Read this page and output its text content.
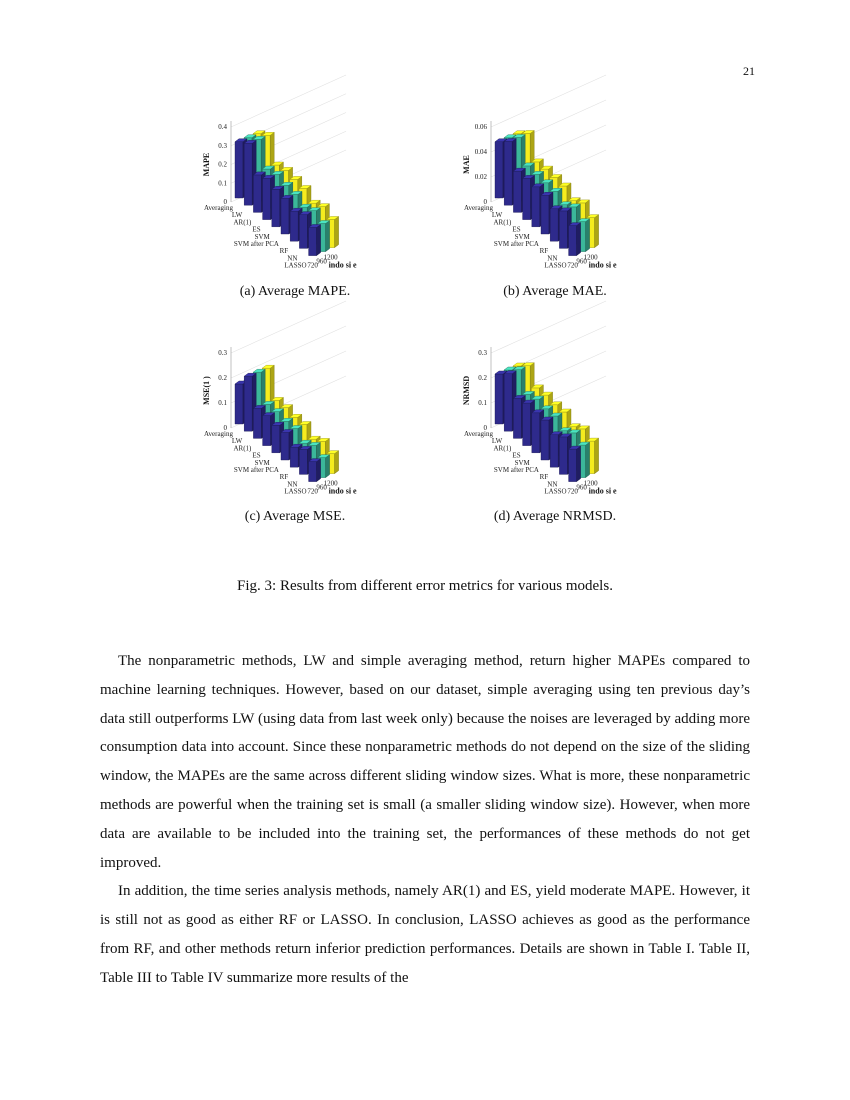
21
0
0.1
0.2
0.3
0.4
MAPE
Averaging
LW
AR(1)
ES
SVM
SVM after PCA
RF
NN
LASSO 720
960
1200
indo si e
(a) Average MAPE.
0
0.02
0.04
0.06
MAE
Averaging
LW
AR(1)
ES
SVM
SVM after PCA
RF
NN
LASSO 720
960
1200
indo si e
(b) Average MAE.
0
0.1
0.2
0.3
MSE(1 )
Averaging
LW
AR(1)
ES
SVM
SVM after PCA
RF
NN
LASSO 720
960
1200
indo si e
(c) Average MSE.
0
0.1
0.2
0.3
NRMSD
Averaging
LW
AR(1)
ES
SVM
SVM after PCA
RF
NN
LASSO 720
960
1200
indo si e
(d) Average NRMSD.
Fig. 3: Results from different error metrics for various models.

The nonparametric methods, LW and simple averaging method, return higher MAPEs compared to machine learning techniques. However, based on our dataset, simple averaging using ten previous day’s data still outperforms LW (using data from last week only) because the noises are leveraged by adding more consumption data into account. Since these nonparametric methods do not depend on the size of the sliding window, the MAPEs are the same across different sliding window sizes. What is more, these nonparametric methods are powerful when the training set is small (a smaller sliding window size). However, when more data are available to be included into the training set, the performances of these methods do not get improved.

In addition, the time series analysis methods, namely AR(1) and ES, yield moderate MAPE. However, it is still not as good as either RF or LASSO. In conclusion, LASSO achieves as good as the performance from RF, and other methods return inferior prediction performances. Details are shown in Table I. Table II, Table III to Table IV summarize more results of the
